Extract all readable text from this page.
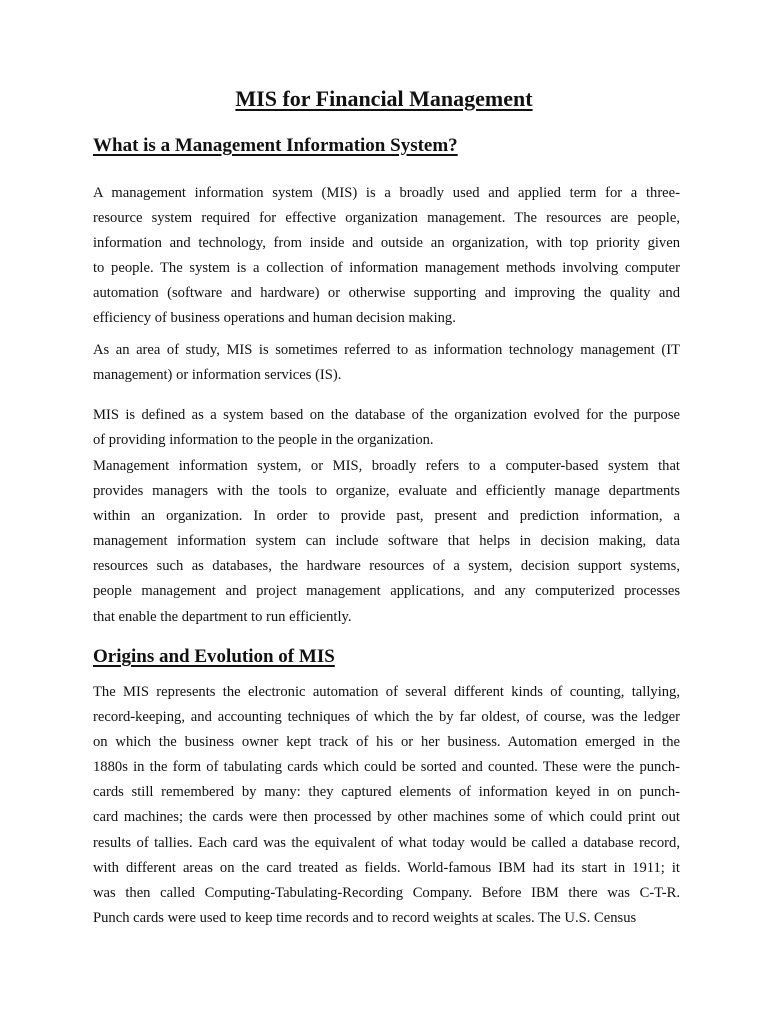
MIS for Financial Management
What is a Management Information System?
A management information system (MIS) is a broadly used and applied term for a three-
resource system required for effective organization management. The resources are people,
information and technology, from inside and outside an organization, with top priority given
to people. The system is a collection of information management methods involving computer
automation (software and hardware) or otherwise supporting and improving the quality and
efficiency of business operations and human decision making.
As an area of study, MIS is sometimes referred to as information technology management (IT
management) or information services (IS).
MIS is defined as a system based on the database of the organization evolved for the purpose
of providing information to the people in the organization.
Management information system, or MIS, broadly refers to a computer-based system that
provides managers with the tools to organize, evaluate and efficiently manage departments
within an organization. In order to provide past, present and prediction information, a
management information system can include software that helps in decision making, data
resources such as databases, the hardware resources of a system, decision support systems,
people management and project management applications, and any computerized processes
that enable the department to run efficiently.
Origins and Evolution of MIS
The MIS represents the electronic automation of several different kinds of counting, tallying,
record-keeping, and accounting techniques of which the by far oldest, of course, was the ledger
on which the business owner kept track of his or her business. Automation emerged in the
1880s in the form of tabulating cards which could be sorted and counted. These were the punch-
cards still remembered by many: they captured elements of information keyed in on punch-
card machines; the cards were then processed by other machines some of which could print out
results of tallies. Each card was the equivalent of what today would be called a database record,
with different areas on the card treated as fields. World-famous IBM had its start in 1911; it
was then called Computing-Tabulating-Recording Company. Before IBM there was C-T-R.
Punch cards were used to keep time records and to record weights at scales. The U.S. Census
